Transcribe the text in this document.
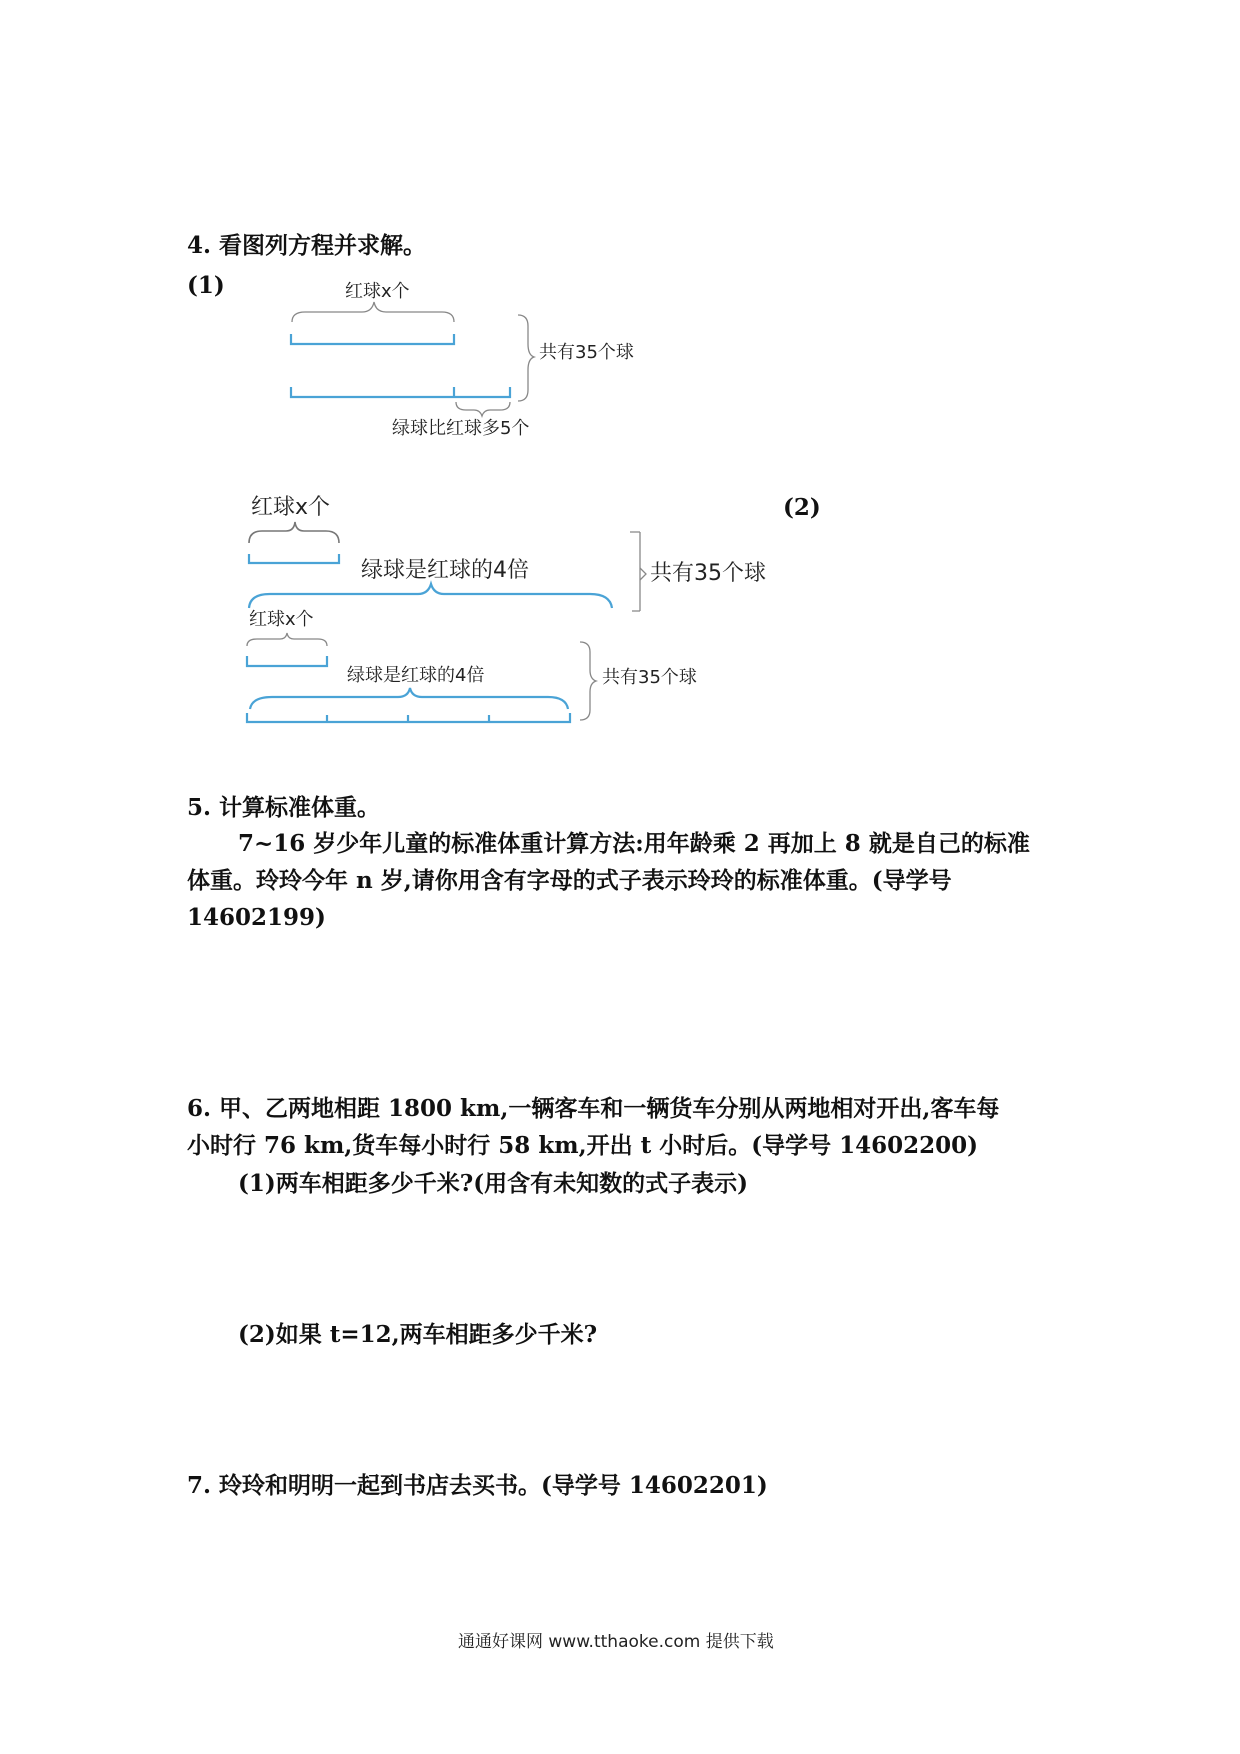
4. 看图列方程并求解。
(1)	红球x个
共有35个球
绿球比红球多5个
(2)
红球x个
绿球是红球的4倍	共有35个球
红球x个
绿球是红球的4倍	共有35个球
5. 计算标准体重。
7~16 岁少年儿童的标准体重计算方法:用年龄乘 2 再加上 8 就是自己的标准
体重。玲玲今年 n 岁,请你用含有字母的式子表示玲玲的标准体重。(导学号
14602199)
6. 甲、乙两地相距 1800 km,一辆客车和一辆货车分别从两地相对开出,客车每
小时行 76 km,货车每小时行 58 km,开出 t 小时后。(导学号 14602200)
(1)两车相距多少千米?(用含有未知数的式子表示)
(2)如果 t=12,两车相距多少千米?
7. 玲玲和明明一起到书店去买书。(导学号 14602201)
通通好课网 www.tthaoke.com 提供下载
